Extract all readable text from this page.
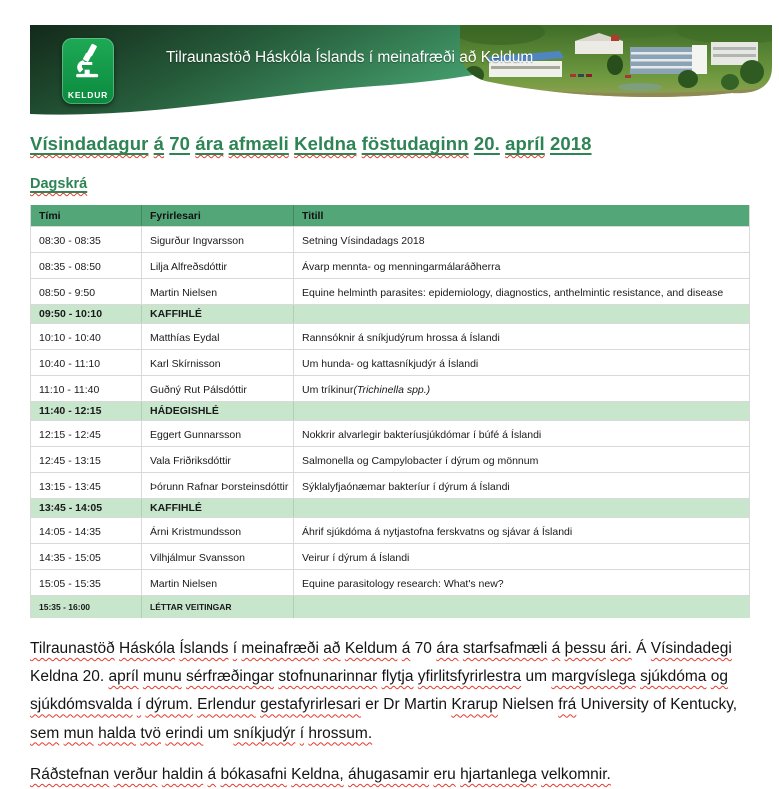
KELDUR
Tilraunastöð Háskóla Íslands í meinafræði að Keldum
Vísindadagur á 70 ára afmæli Keldna föstudaginn 20. apríl 2018
Dagskrá
Tími	Fyrirlesari	Titill
08:30 - 08:35	Sigurður Ingvarsson	Setning Vísindadags 2018
08:35 - 08:50	Lilja Alfreðsdóttir	Ávarp mennta- og menningarmálaráðherra
08:50 - 9:50	Martin Nielsen	Equine helminth parasites: epidemiology, diagnostics, anthelmintic resistance, and disease
09:50 - 10:10	KAFFIHLÉ
10:10 - 10:40	Matthías Eydal	Rannsóknir á sníkjudýrum hrossa á Íslandi
10:40 - 11:10	Karl Skírnisson	Um hunda- og kattasníkjudýr á Íslandi
11:10 - 11:40	Guðný Rut Pálsdóttir	Um tríkinur (Trichinella spp.)
11:40 - 12:15	HÁDEGISHLÉ
12:15 - 12:45	Eggert Gunnarsson	Nokkrir alvarlegir bakteríusjúkdómar í búfé á Íslandi
12:45 - 13:15	Vala Friðriksdóttir	Salmonella og Campylobacter í dýrum og mönnum
13:15 - 13:45	Þórunn Rafnar Þorsteinsdóttir	Sýklalyfjaónæmar bakteríur í dýrum á Íslandi
13:45 - 14:05	KAFFIHLÉ
14:05 - 14:35	Árni Kristmundsson	Áhrif sjúkdóma á nytjastofna ferskvatns og sjávar á Íslandi
14:35 - 15:05	Vilhjálmur Svansson	Veirur í dýrum á Íslandi
15:05 - 15:35	Martin Nielsen	Equine parasitology research: What's new?
15:35 - 16:00	LÉTTAR VEITINGAR
Tilraunastöð Háskóla Íslands í meinafræði að Keldum á 70 ára starfsafmæli á þessu ári. Á Vísindadegi Keldna 20. apríl munu sérfræðingar stofnunarinnar flytja yfirlitsfyrirlestra um margvíslega sjúkdóma og sjúkdómsvalda í dýrum. Erlendur gestafyrirlesari er Dr Martin Krarup Nielsen frá University of Kentucky, sem mun halda tvö erindi um sníkjudýr í hrossum.
Ráðstefnan verður haldin á bókasafni Keldna, áhugasamir eru hjartanlega velkomnir.
